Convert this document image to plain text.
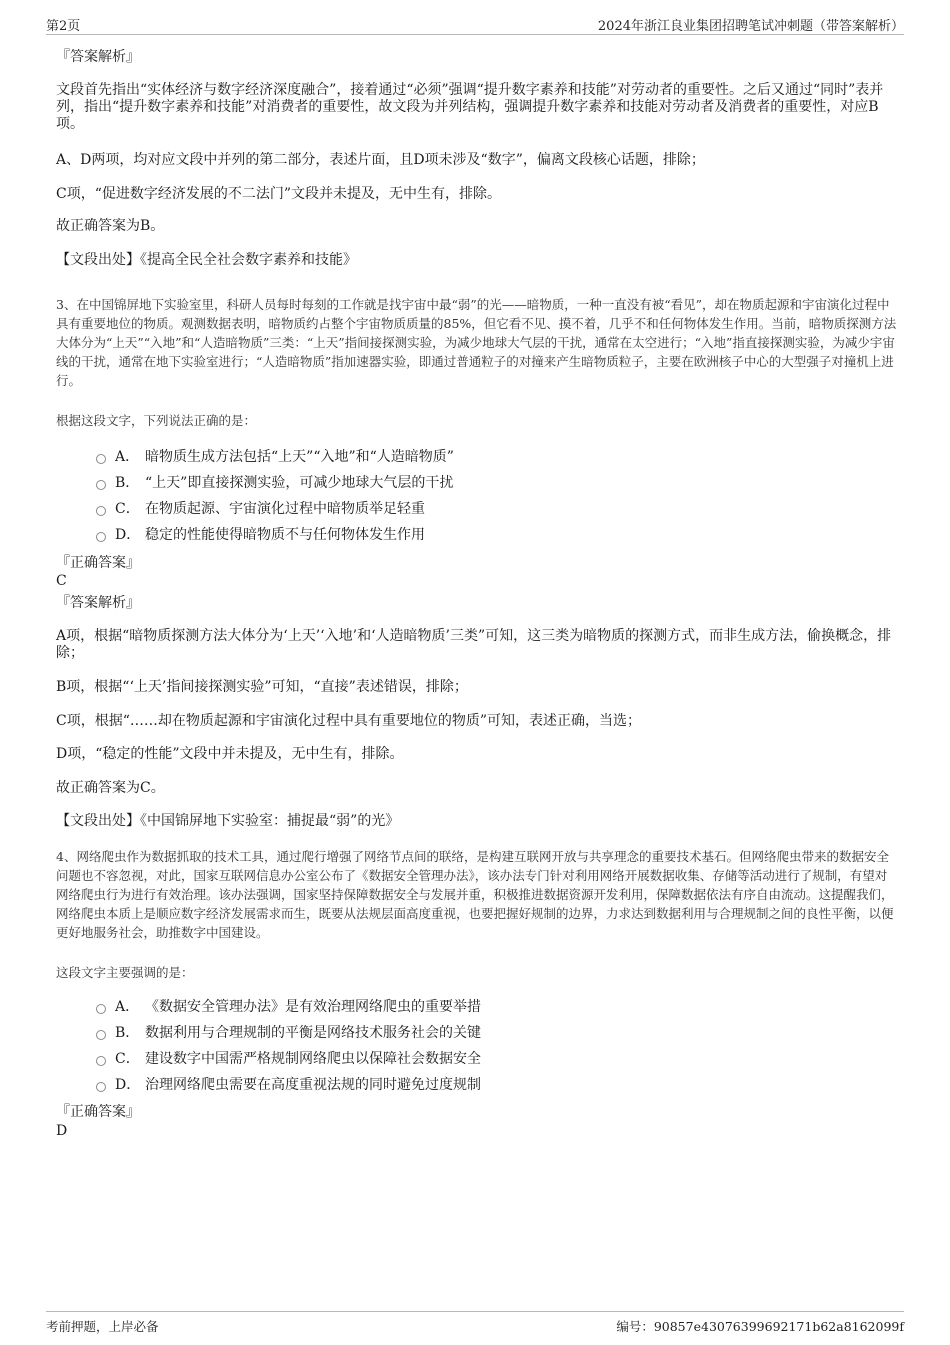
第2页	2024年浙江良业集团招聘笔试冲刺题（带答案解析）
『答案解析』
文段首先指出“实体经济与数字经济深度融合”，接着通过“必须”强调“提升数字素养和技能”对劳动者的重要性。之后又通过“同时”表并列，指出“提升数字素养和技能”对消费者的重要性，故文段为并列结构，强调提升数字素养和技能对劳动者及消费者的重要性，对应B项。
A、D两项，均对应文段中并列的第二部分，表述片面，且D项未涉及“数字”，偏离文段核心话题，排除；
C项，“促进数字经济发展的不二法门”文段并未提及，无中生有，排除。
故正确答案为B。
【文段出处】《提高全民全社会数字素养和技能》
3、在中国锦屏地下实验室里，科研人员每时每刻的工作就是找宇宙中最“弱”的光——暗物质，一种一直没有被“看见”，却在物质起源和宇宙演化过程中具有重要地位的物质。观测数据表明，暗物质约占整个宇宙物质质量的85%，但它看不见、摸不着，几乎不和任何物体发生作用。当前，暗物质探测方法大体分为“上天”“入地”和“人造暗物质”三类：“上天”指间接探测实验，为减少地球大气层的干扰，通常在太空进行；“入地”指直接探测实验，为减少宇宙线的干扰，通常在地下实验室进行；“人造暗物质”指加速器实验，即通过普通粒子的对撞来产生暗物质粒子，主要在欧洲核子中心的大型强子对撞机上进行。
根据这段文字，下列说法正确的是：
A． 暗物质生成方法包括“上天”“入地”和“人造暗物质”
B． “上天”即直接探测实验，可减少地球大气层的干扰
C． 在物质起源、宇宙演化过程中暗物质举足轻重
D． 稳定的性能使得暗物质不与任何物体发生作用
『正确答案』
C
『答案解析』
A项，根据“暗物质探测方法大体分为‘上天’‘入地’和‘人造暗物质’三类”可知，这三类为暗物质的探测方式，而非生成方法，偷换概念，排除；
B项，根据“‘上天’指间接探测实验”可知，“直接”表述错误，排除；
C项，根据“……却在物质起源和宇宙演化过程中具有重要地位的物质”可知，表述正确，当选；
D项，“稳定的性能”文段中并未提及，无中生有，排除。
故正确答案为C。
【文段出处】《中国锦屏地下实验室：捕捉最“弱”的光》
4、网络爬虫作为数据抓取的技术工具，通过爬行增强了网络节点间的联络，是构建互联网开放与共享理念的重要技术基石。但网络爬虫带来的数据安全问题也不容忽视，对此，国家互联网信息办公室公布了《数据安全管理办法》，该办法专门针对利用网络开展数据收集、存储等活动进行了规制，有望对网络爬虫行为进行有效治理。该办法强调，国家坚持保障数据安全与发展并重，积极推进数据资源开发利用，保障数据依法有序自由流动。这提醒我们，网络爬虫本质上是顺应数字经济发展需求而生，既要从法规层面高度重视，也要把握好规制的边界，力求达到数据利用与合理规制之间的良性平衡，以便更好地服务社会，助推数字中国建设。
这段文字主要强调的是：
A． 《数据安全管理办法》是有效治理网络爬虫的重要举措
B． 数据利用与合理规制的平衡是网络技术服务社会的关键
C． 建设数字中国需严格规制网络爬虫以保障社会数据安全
D． 治理网络爬虫需要在高度重视法规的同时避免过度规制
『正确答案』
D
考前押题，上岸必备	编号：90857e43076399692171b62a8162099f
